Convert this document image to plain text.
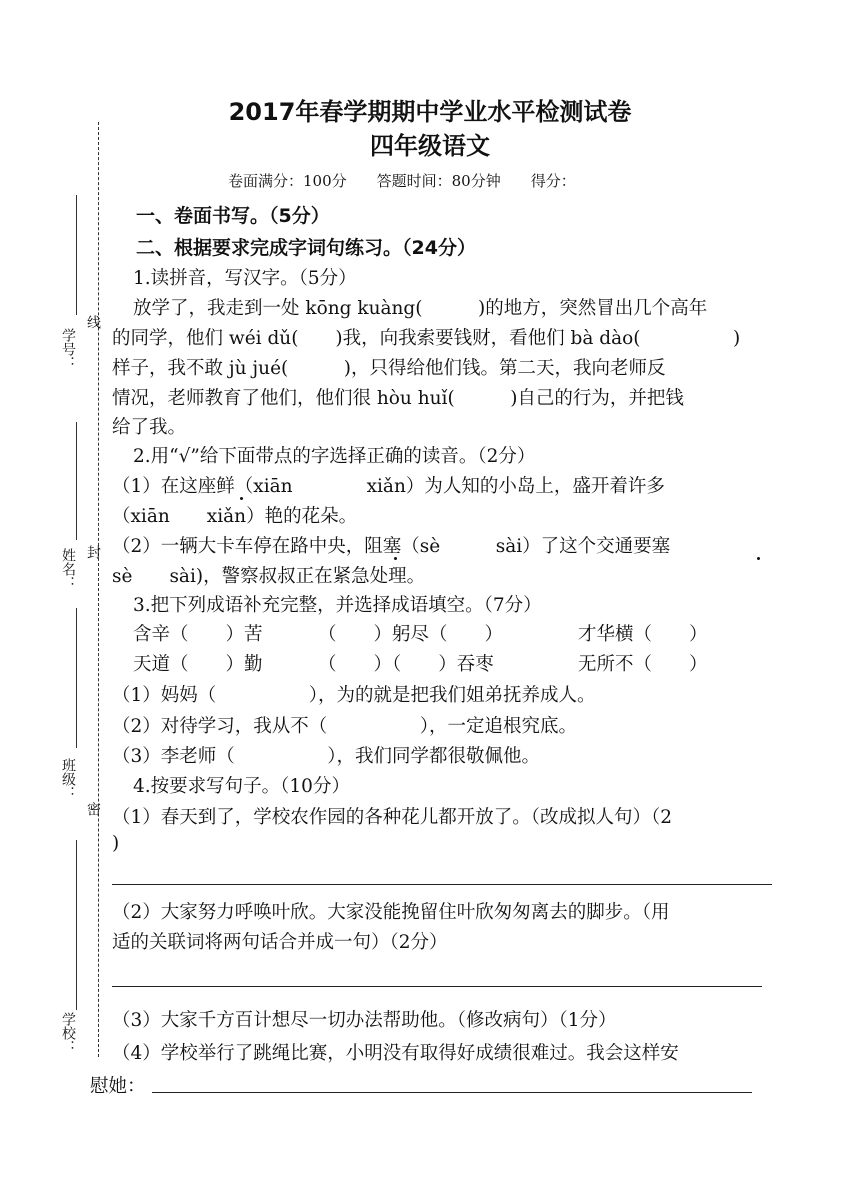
学号：
线
姓名： 封
班级：
密
学校：
2017年春学期期中学业水平检测试卷
四年级语文
卷面满分：100分　　答题时间：80分钟　　得分：
一、卷面书写。（5分）
二、根据要求完成字词句练习。（24分）
1.读拼音，写汉字。（5分）
放学了，我走到一处 kōng kuàng(　　　)的地方，突然冒出几个高年
的同学，他们 wéi dǔ(　　)我，向我索要钱财，看他们 bà dào(　　　　　)
样子，我不敢 jù jué(　　　)，只得给他们钱。第二天，我向老师反
情况，老师教育了他们，他们很 hòu huǐ(　　　)自己的行为，并把钱
给了我。
2.用“√”给下面带点的字选择正确的读音。（2分）
（1）在这座鲜（xiān　　　　xiǎn）为人知的小岛上，盛开着许多
（xiān　　xiǎn）艳的花朵。
（2）一辆大卡车停在路中央，阻塞（sè　　　sài）了这个交通要塞
sè　　sài)，警察叔叔正在紧急处理。
3.把下列成语补充完整，并选择成语填空。（7分）
含辛（　　）苦	（　　）躬尽（　　）	才华横（　　）
天道（　　）勤	（　　）（　　）吞枣	无所不（　　）
（1）妈妈（　　　　　），为的就是把我们姐弟抚养成人。
（2）对待学习，我从不（　　　　　），一定追根究底。
（3）李老师（　　　　　），我们同学都很敬佩他。
4.按要求写句子。（10分）
（1）春天到了，学校农作园的各种花儿都开放了。（改成拟人句）（2
)
（2）大家努力呼唤叶欣。大家没能挽留住叶欣匆匆离去的脚步。（用
适的关联词将两句话合并成一句）（2分）
（3）大家千方百计想尽一切办法帮助他。（修改病句）（1分）
（4）学校举行了跳绳比赛，小明没有取得好成绩很难过。我会这样安
慰她：
